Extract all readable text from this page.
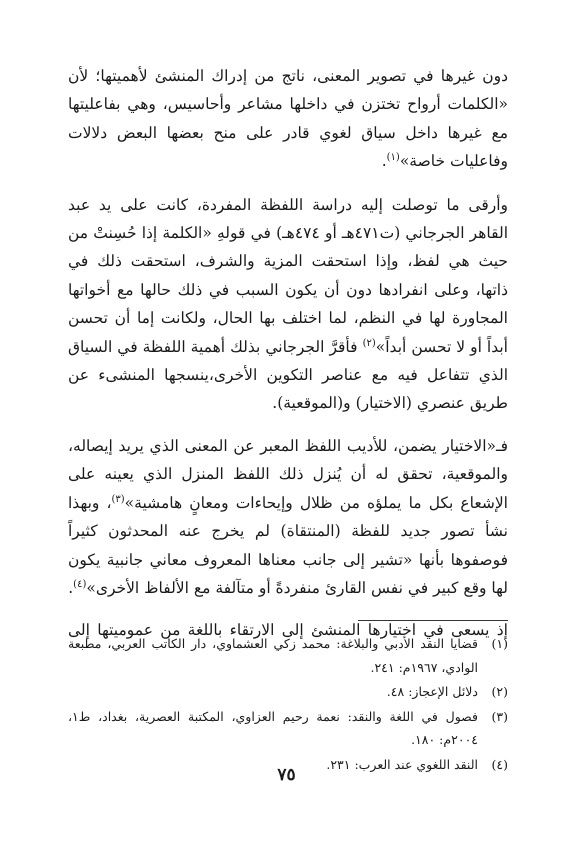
دون غيرها في تصوير المعنى، ناتج من إدراك المنشئ لأهميتها؛ لأن «الكلمات أرواح تختزن في داخلها مشاعر وأحاسيس، وهي بفاعليتها مع غيرها داخل سياق لغوي قادر على منح بعضها البعض دلالات وفاعليات خاصة»$^{(١)}$.

وأرقى ما توصلت إليه دراسة اللفظة المفردة، كانت على يد عبد القاهر الجرجاني (ت٤٧١هـ أو ٤٧٤هـ) في قولهِ «الكلمة إذا حُسِنتْ من حيث هي لفظ، وإذا استحقت المزية والشرف، استحقت ذلك في ذاتها، وعلى انفرادها دون أن يكون السبب في ذلك حالها مع أخواتها المجاورة لها في النظم، لما اختلف بها الحال، ولكانت إما أن تحسن أبداً أو لا تحسن أبداً»$^{(٢)}$ فأقرَّ الجرجاني بذلك أهمية اللفظة في السياق الذي تتفاعل فيه مع عناصر التكوين الأخرى،ينسجها المنشىء عن طريق عنصري (الاختيار) و(الموقعية).

فـ«الاختيار يضمن، للأديب اللفظ المعبر عن المعنى الذي يريد إيصاله، والموقعية، تحقق له أن يُنزل ذلك اللفظ المنزل الذي يعينه على الإشعاع بكل ما يملؤه من ظلال وإيحاءات ومعانٍ هامشية»$^{(٣)}$، وبهذا نشأ تصور جديد للفظة (المنتقاة) لم يخرج عنه المحدثون كثيراً فوصفوها بأنها «تشير إلى جانب معناها المعروف معاني جانبية يكون لها وقع كبير في نفس القارئ منفردةً أو متآلفة مع الألفاظ الأخرى»$^{(٤)}$.

إذ يسعى في اختيارها المنشئ إلى الارتقاء باللغة من عموميتها إلى

(١)
قضايا النقد الأدبي والبلاغة: محمد زكي العشماوي، دار الكاتب العربي، مطبعة الوادي، ١٩٦٧م: ٢٤١.
(٢)
دلائل الإعجاز: ٤٨.
(٣)
فصول في اللغة والنقد: نعمة رحيم العزاوي، المكتبة العصرية، بغداد، ط١، ٢٠٠٤م: ١٨٠.
(٤)
النقد اللغوي عند العرب: ٢٣١.
٧٥
